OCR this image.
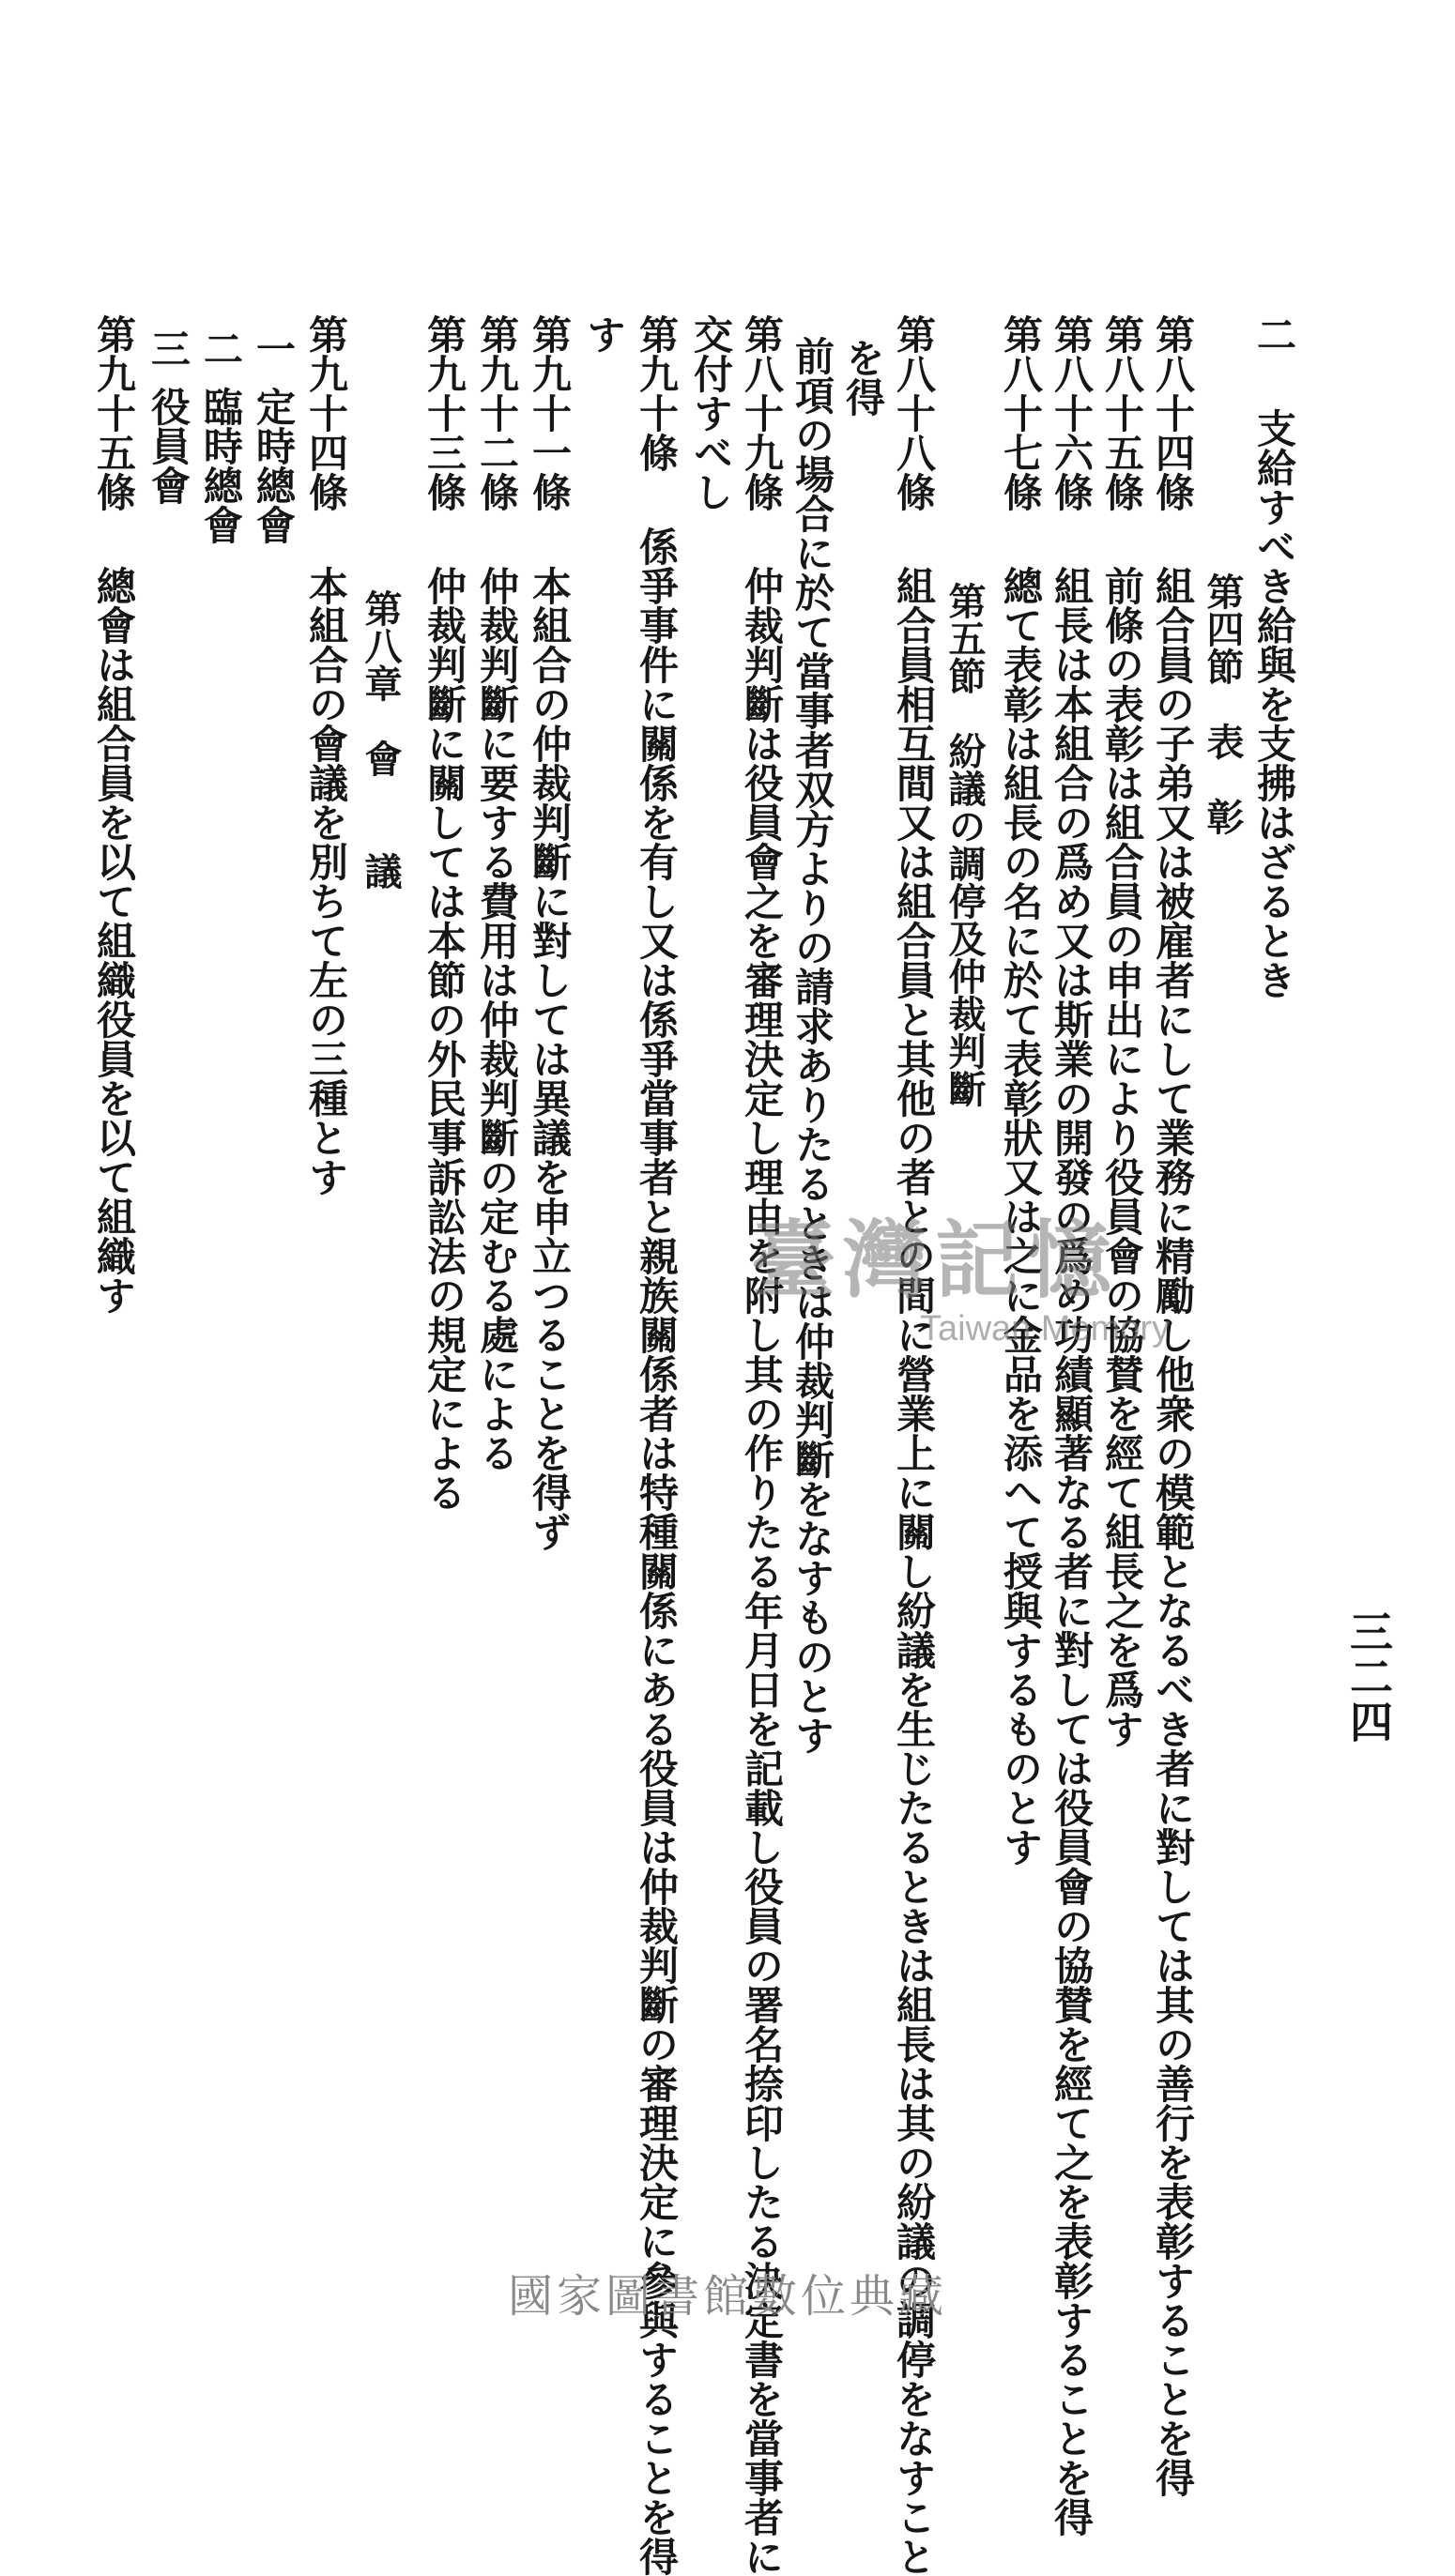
三二四
二支給すべき給與を支拂はざるとき
第四節　表　彰
第八十四條組合員の子弟又は被雇者にして業務に精勵し他衆の模範となるべき者に對しては其の善行を表彰することを得
第八十五條前條の表彰は組合員の申出により役員會の協賛を經て組長之を爲す
第八十六條組長は本組合の爲め又は斯業の開發の爲め功績顯著なる者に對しては役員會の協賛を經て之を表彰することを得
第八十七條總て表彰は組長の名に於て表彰狀又は之に金品を添へて授與するものとす
第五節　紛議の調停及仲裁判斷
第八十八條組合員相互間又は組合員と其他の者との間に營業上に關し紛議を生じたるときは組長は其の紛議の調停をなすこと
を得
前項の場合に於て當事者双方よりの請求ありたるときは仲裁判斷をなすものとす
第八十九條仲裁判斷は役員會之を審理決定し理由を附し其の作りたる年月日を記載し役員の署名捺印したる決定書を當事者に
交付すべし
第九十條係爭事件に關係を有し又は係爭當事者と親族關係者は特種關係にある役員は仲裁判斷の審理決定に參與することを得
す
第九十一條本組合の仲裁判斷に對しては異議を申立つることを得ず
第九十二條仲裁判斷に要する費用は仲裁判斷の定むる處による
第九十三條仲裁判斷に關しては本節の外民事訴訟法の規定による
第八章　會　　議
第九十四條本組合の會議を別ちて左の三種とす
一定時總會
二臨時總會
三役員會
第九十五條總會は組合員を以て組織役員を以て組織す	臺灣記憶
Taiwan Memory
國家圖書館數位典藏
